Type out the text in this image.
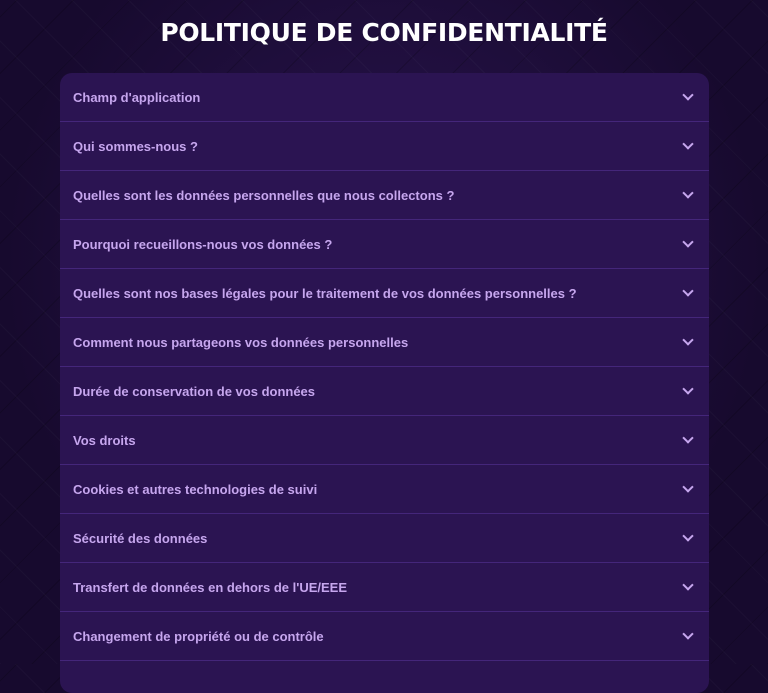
POLITIQUE DE CONFIDENTIALITÉ
Champ d'application
Qui sommes-nous ?
Quelles sont les données personnelles que nous collectons ?
Pourquoi recueillons-nous vos données ?
Quelles sont nos bases légales pour le traitement de vos données personnelles ?
Comment nous partageons vos données personnelles
Durée de conservation de vos données
Vos droits
Cookies et autres technologies de suivi
Sécurité des données
Transfert de données en dehors de l'UE/EEE
Changement de propriété ou de contrôle
